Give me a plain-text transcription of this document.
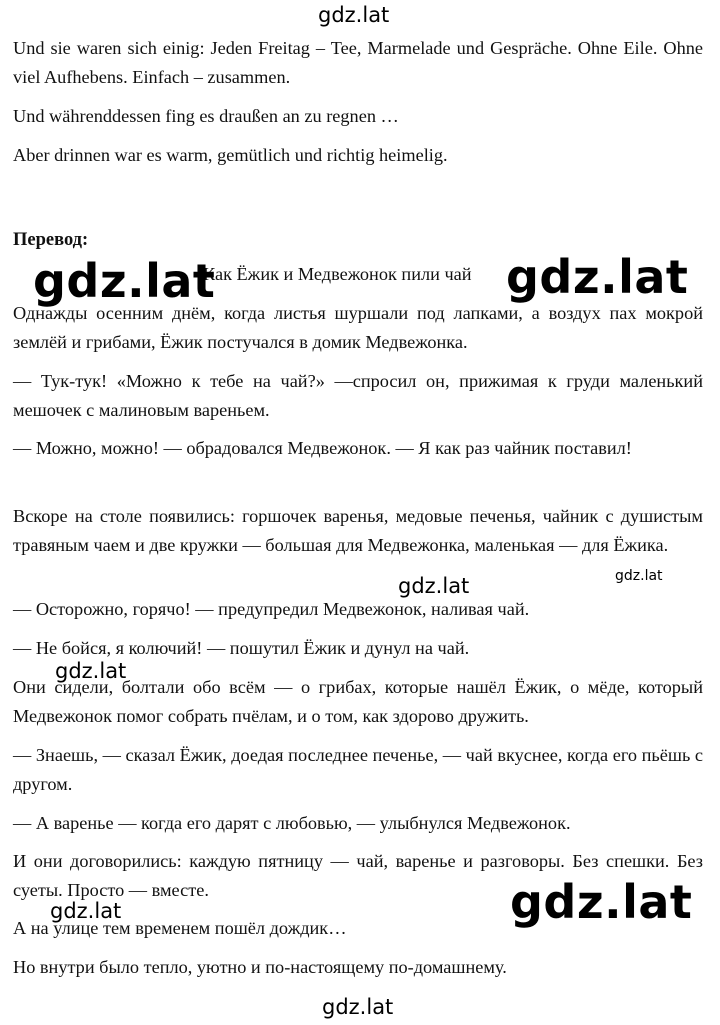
Und sie waren sich einig: Jeden Freitag – Tee, Marmelade und Gespräche. Ohne Eile. Ohne viel Aufhebens. Einfach – zusammen.

Und währenddessen fing es draußen an zu regnen …

Aber drinnen war es warm, gemütlich und richtig heimelig.

Перевод:

Как Ёжик и Медвежонок пили чай

Однажды осенним днём, когда листья шуршали под лапками, а воздух пах мокрой землёй и грибами, Ёжик постучался в домик Медвежонка.

— Тук-тук! «Можно к тебе на чай?» —спросил он, прижимая к груди маленький мешочек с малиновым вареньем.

— Можно, можно! — обрадовался Медвежонок. — Я как раз чайник поставил!

Вскоре на столе появились: горшочек варенья, медовые печенья, чайник с душистым травяным чаем и две кружки — большая для Медвежонка, маленькая — для Ёжика.

— Осторожно, горячо! — предупредил Медвежонок, наливая чай.

— Не бойся, я колючий! — пошутил Ёжик и дунул на чай.

Они сидели, болтали обо всём — о грибах, которые нашёл Ёжик, о мёде, который Медвежонок помог собрать пчёлам, и о том, как здорово дружить.

— Знаешь, — сказал Ёжик, доедая последнее печенье, — чай вкуснее, когда его пьёшь с другом.

— А варенье — когда его дарят с любовью, — улыбнулся Медвежонок.

И они договорились: каждую пятницу — чай, варенье и разговоры. Без спешки. Без суеты. Просто — вместе.

А на улице тем временем пошёл дождик…

Но внутри было тепло, уютно и по-настоящему по-домашнему.

gdz.lat
gdz.lat	gdz.lat
gdz.lat	gdz.lat
gdz.lat
gdz.lat	gdz.lat
gdz.lat
